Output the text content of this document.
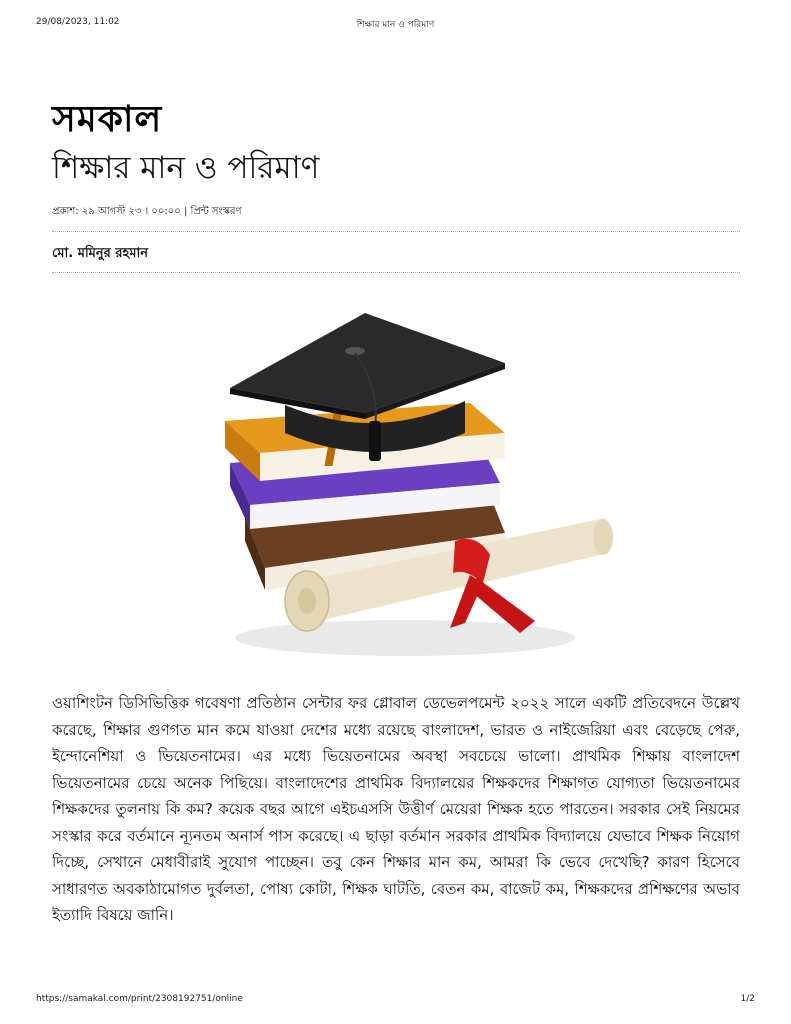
29/08/2023, 11:02	শিক্ষার মান ও পরিমাণ
সমকাল
শিক্ষার মান ও পরিমাণ
প্রকাশ: ২৯ আগস্ট ২৩ । ০০:০০ | প্রিন্ট সংস্করণ
মো. মমিনুর রহমান
ওয়াশিংটন ডিসিভিত্তিক গবেষণা প্রতিষ্ঠান সেন্টার ফর গ্লোবাল ডেভেলপমেন্ট ২০২২ সালে একটি প্রতিবেদনে উল্লেখ করেছে, শিক্ষার গুণগত মান কমে যাওয়া দেশের মধ্যে রয়েছে বাংলাদেশ, ভারত ও নাইজেরিয়া এবং বেড়েছে পেরু, ইন্দোনেশিয়া ও ভিয়েতনামের। এর মধ্যে ভিয়েতনামের অবস্থা সবচেয়ে ভালো। প্রাথমিক শিক্ষায় বাংলাদেশ ভিয়েতনামের চেয়ে অনেক পিছিয়ে। বাংলাদেশের প্রাথমিক বিদ্যালয়ের শিক্ষকদের শিক্ষাগত যোগ্যতা ভিয়েতনামের শিক্ষকদের তুলনায় কি কম? কয়েক বছর আগে এইচএসসি উত্তীর্ণ মেয়েরা শিক্ষক হতে পারতেন। সরকার সেই নিয়মের সংস্কার করে বর্তমানে ন্যূনতম অনার্স পাস করেছে। এ ছাড়া বর্তমান সরকার প্রাথমিক বিদ্যালয়ে যেভাবে শিক্ষক নিয়োগ দিচ্ছে, সেখানে মেধাবীরাই সুযোগ পাচ্ছেন। তবু কেন শিক্ষার মান কম, আমরা কি ভেবে দেখেছি? কারণ হিসেবে সাধারণত অবকাঠামোগত দুর্বলতা, পোষ্য কোটা, শিক্ষক ঘাটতি, বেতন কম, বাজেট কম, শিক্ষকদের প্রশিক্ষণের অভাব ইত্যাদি বিষয়ে জানি।
https://samakal.com/print/2308192751/online	1/2
